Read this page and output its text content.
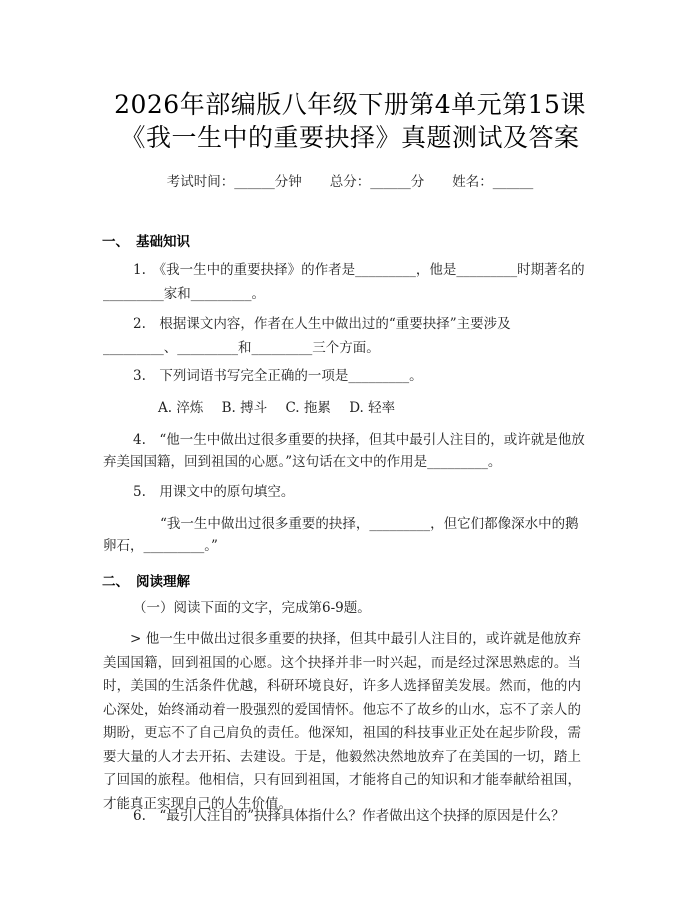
2026年部编版八年级下册第4单元第15课
《我一生中的重要抉择》真题测试及答案
考试时间：______分钟 总分：______分 姓名：______
一、 基础知识
1.　《我一生中的重要抉择》的作者是_________，他是_________时期著名的
_________家和_________。
2.　根据课文内容，作者在人生中做出过的“重要抉择”主要涉及
_________、_________和_________三个方面。
3.　下列词语书写完全正确的一项是_________。
A. 淬炼 B. 搏斗 C. 拖累 D. 轻率
4.　“他一生中做出过很多重要的抉择，但其中最引人注目的，或许就是他放
弃美国国籍，回到祖国的心愿。”这句话在文中的作用是_________。
5.　用课文中的原句填空。
“我一生中做出过很多重要的抉择，_________，但它们都像深水中的鹅
卵石，_________。”
二、 阅读理解
（一）阅读下面的文字，完成第6-9题。
> 他一生中做出过很多重要的抉择，但其中最引人注目的，或许就是他放弃美国国籍，回到祖国的心愿。这个抉择并非一时兴起，而是经过深思熟虑的。当时，美国的生活条件优越，科研环境良好，许多人选择留美发展。然而，他的内心深处，始终涌动着一股强烈的爱国情怀。他忘不了故乡的山水，忘不了亲人的期盼，更忘不了自己肩负的责任。他深知，祖国的科技事业正处在起步阶段，需要大量的人才去开拓、去建设。于是，他毅然决然地放弃了在美国的一切，踏上了回国的旅程。他相信，只有回到祖国，才能将自己的知识和才能奉献给祖国，才能真正实现自己的人生价值。
6.　“最引人注目的”抉择具体指什么？作者做出这个抉择的原因是什么？
